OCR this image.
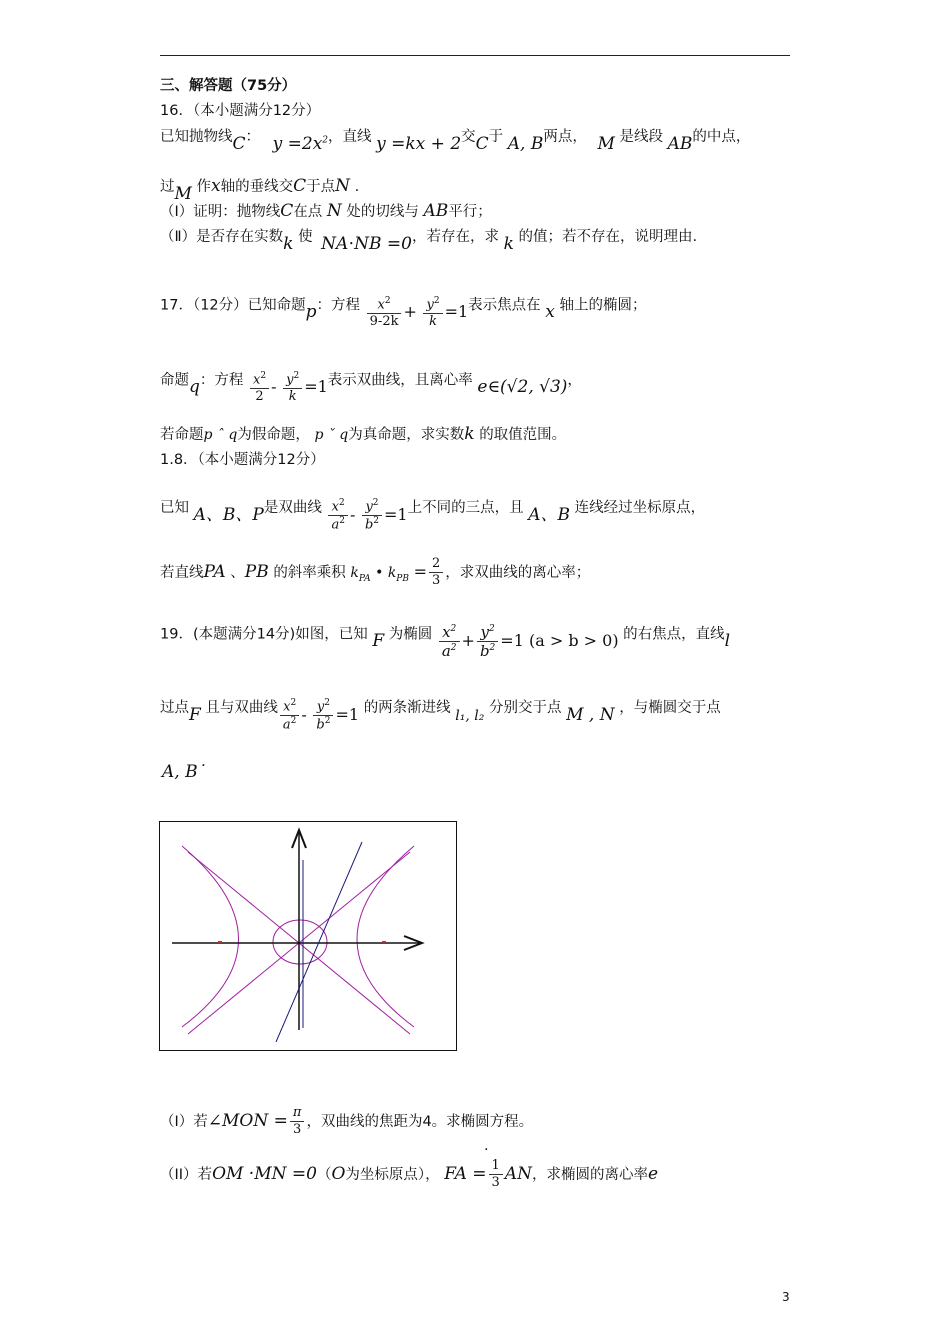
三、解答题（75分）
16．（本小题满分12分）
已知抛物线C： $y =2x^2$，直线 y =kx + 2交C于 A, B两点， M 是线段 AB的中点，
过M 作x轴的垂线交C于点N .
（Ⅰ）证明：抛物线C在点 N 处的切线与 AB平行；
（Ⅱ）是否存在实数k 使 NA⋅NB =0，若存在，求 k 的值；若不存在，说明理由.
17．（12分）已知命题p：方程 $\frac{x^2}{9-2k} + \frac{y^2}{k} =1$表示焦点在 x 轴上的椭圆；
命题q：方程 $\frac{x^2}{2} - \frac{y^2}{k} =1$表示双曲线，且离心率 e∈(√2, √3)，
若命题p ˆ q为假命题， p ˇ q为真命题，求实数k 的取值范围。
1.8．（本小题满分12分）
已知 A、B、P是双曲线 $\frac{x^2}{a^2} - \frac{y^2}{b^2} =1$上不同的三点，且 A、B 连线经过坐标原点，
若直线PA 、PB 的斜率乘积 $k_{PA}$ • $k_{PB} = \frac{2}{3}$ ，求双曲线的离心率；
19．(本题满分14分)如图，已知 F 为椭圆 $\frac{x^2}{a^2} + \frac{y^2}{b^2} =1$ (a > b > 0) 的右焦点，直线l
过点F 且与双曲线 $\frac{x^2}{a^2} - \frac{y^2}{b^2} =1$ 的两条渐进线 l₁, l₂ 分别交于点 M , N ，与椭圆交于点
A, B˙
（I）若∠MON = $\frac{\pi}{3}$ ，双曲线的焦距为4。求椭圆方程。
.
（II）若OM ·MN =0（O为坐标原点）， FA = $\frac{1}{3}$ AN，求椭圆的离心率e
3
